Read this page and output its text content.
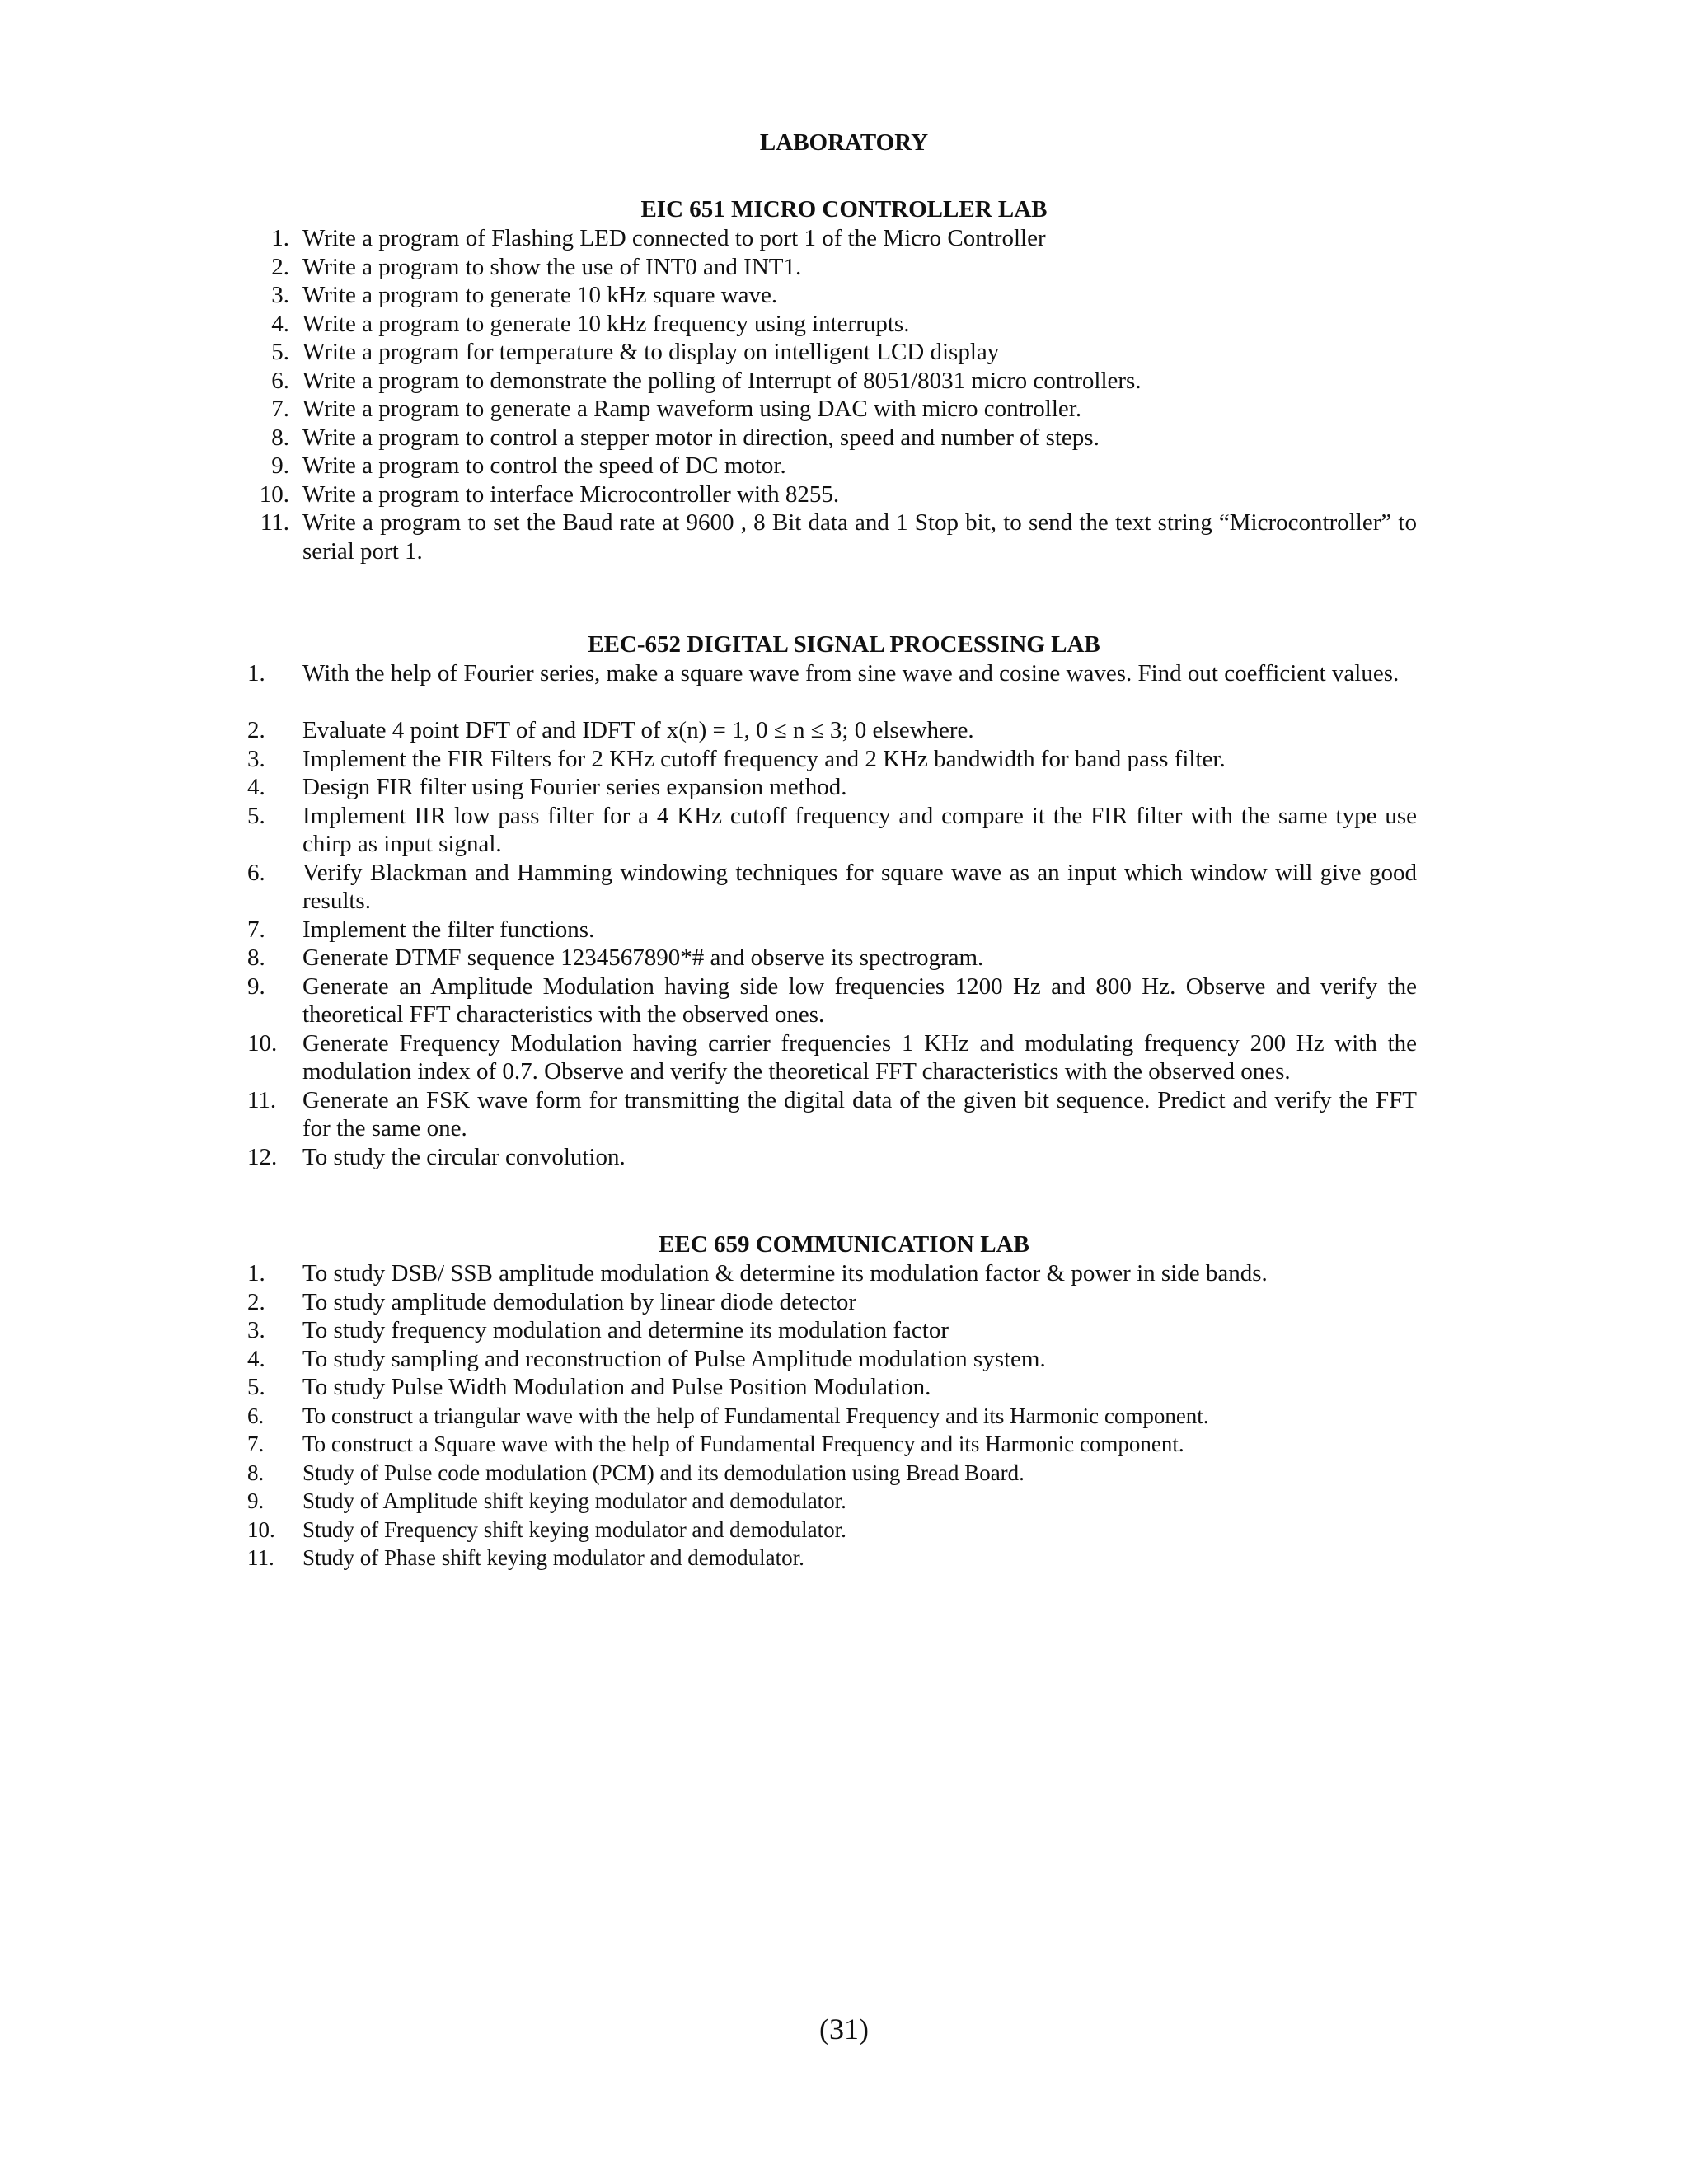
LABORATORY
EIC 651 MICRO CONTROLLER LAB
1. Write a program of Flashing LED connected to port 1 of the Micro Controller
2. Write a program to show the use of INT0 and INT1.
3. Write a program to generate 10 kHz square wave.
4. Write a program to generate 10 kHz frequency using interrupts.
5. Write a program for temperature & to display on intelligent LCD display
6. Write a program to demonstrate the polling of Interrupt of 8051/8031 micro controllers.
7. Write a program to generate a Ramp waveform using DAC with micro controller.
8. Write a program to control a stepper motor in direction, speed and number of steps.
9. Write a program to control the speed of DC motor.
10. Write a program to interface Microcontroller with 8255.
11. Write a program to set the Baud rate at 9600 , 8 Bit data and 1 Stop bit, to send the text string “Microcontroller” to serial port 1.
EEC-652 DIGITAL SIGNAL PROCESSING LAB
1.	With the help of Fourier series, make a square wave from sine wave and cosine waves. Find out coefficient values.
2.	Evaluate 4 point DFT of and IDFT of x(n) = 1, 0 ≤ n ≤ 3; 0 elsewhere.
3.	Implement the FIR Filters for 2 KHz cutoff frequency and 2 KHz bandwidth for band pass filter.
4.	Design FIR filter using Fourier series expansion method.
5.	Implement IIR low pass filter for a 4 KHz cutoff frequency and compare it the FIR filter with the same type use chirp as input signal.
6.	Verify Blackman and Hamming windowing techniques for square wave as an input which window will give good results.
7.	Implement the filter functions.
8.	Generate DTMF sequence 1234567890*# and observe its spectrogram.
9.	Generate an Amplitude Modulation having side low frequencies 1200 Hz and 800 Hz. Observe and verify the theoretical FFT characteristics with the observed ones.
10.	Generate Frequency Modulation having carrier frequencies 1 KHz and modulating frequency 200 Hz with the modulation index of 0.7. Observe and verify the theoretical FFT characteristics with the observed ones.
11.	Generate an FSK wave form for transmitting the digital data of the given bit sequence. Predict and verify the FFT for the same one.
12.	To study the circular convolution.
EEC 659 COMMUNICATION LAB
1.	To study DSB/ SSB amplitude modulation & determine its modulation factor & power in side bands.
2.	To study amplitude demodulation by linear diode detector
3.	To study frequency modulation and determine its modulation factor
4.	To study sampling and reconstruction of Pulse Amplitude modulation system.
5.	To study Pulse Width Modulation and Pulse Position Modulation.
6.	To construct a triangular wave with the help of Fundamental Frequency and its Harmonic component.
7.	To construct a Square wave with the help of Fundamental Frequency and its Harmonic component.
8.	Study of Pulse code modulation (PCM) and its demodulation using Bread Board.
9.	Study of Amplitude shift keying modulator and demodulator.
10.	Study of Frequency shift keying modulator and demodulator.
11.	Study of Phase shift keying modulator and demodulator.
(31)
